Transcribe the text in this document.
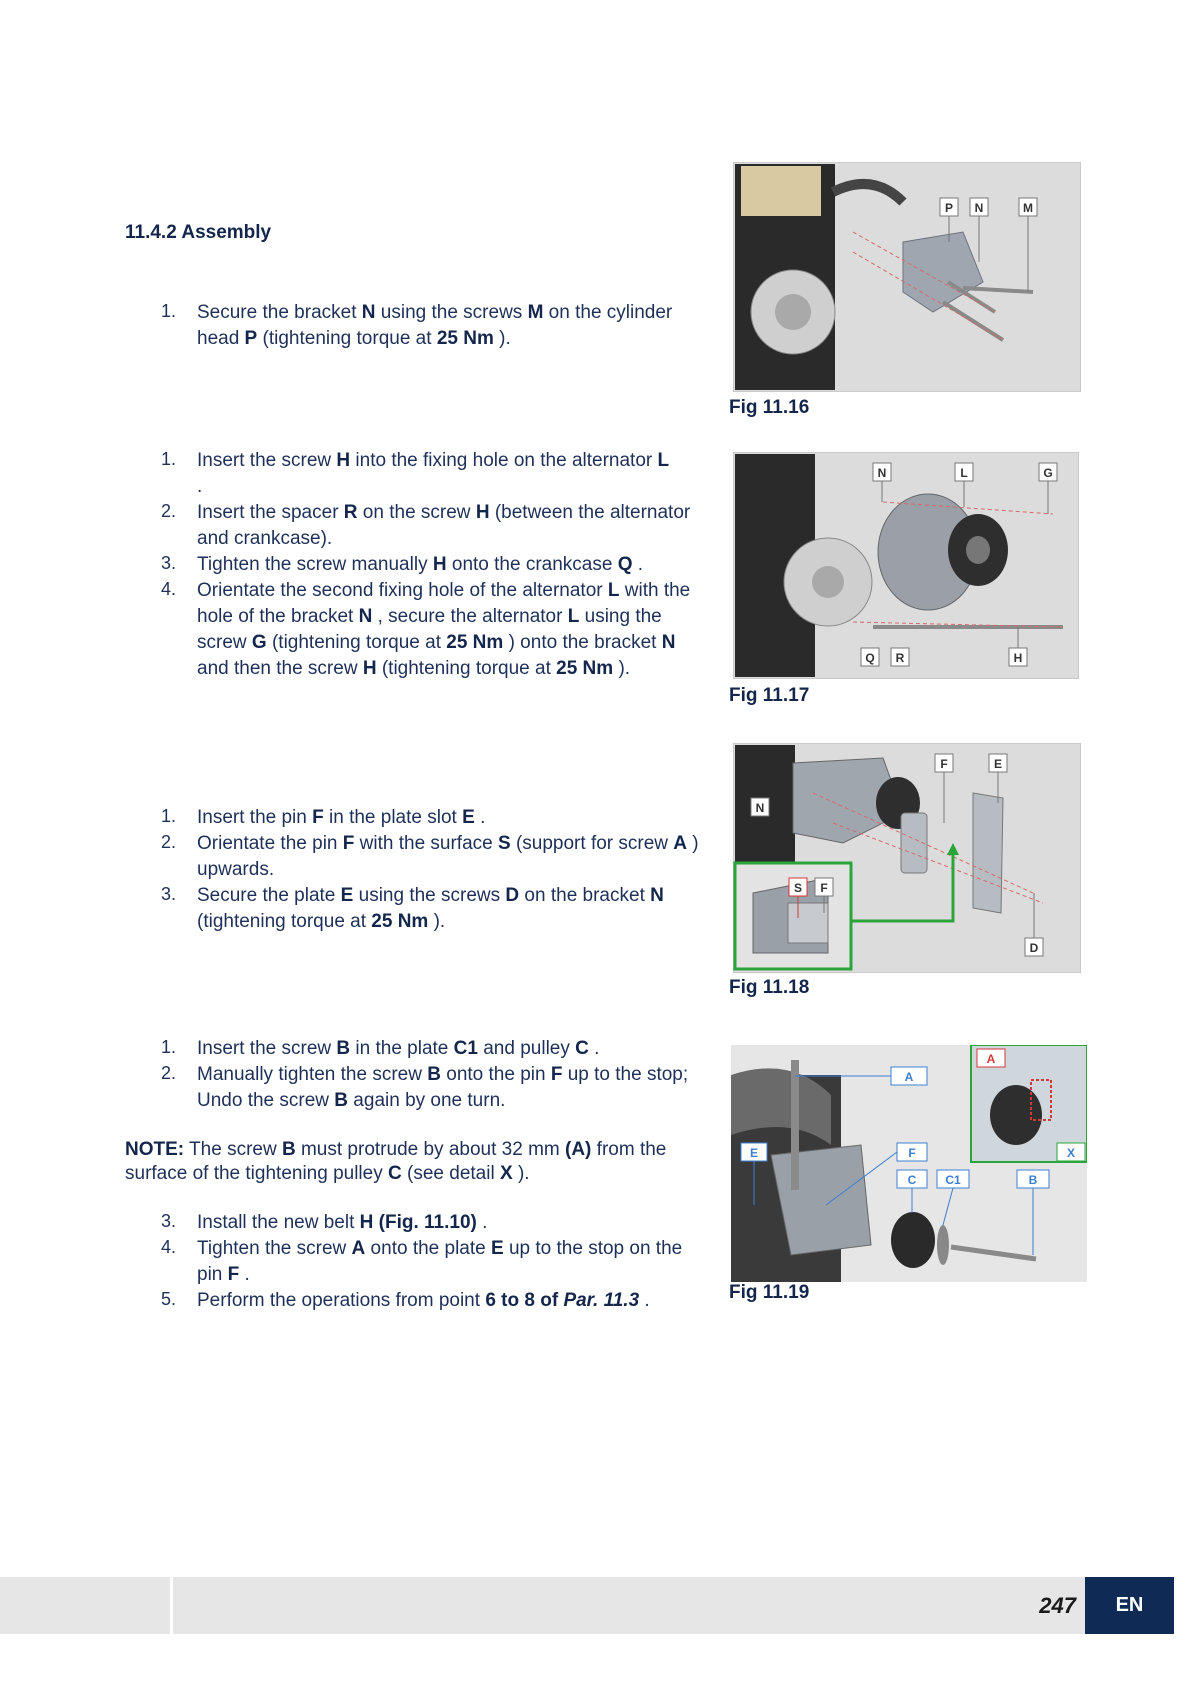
11.4.2 Assembly
1.	Secure the bracket N using the screws M on the cylinder head P (tightening torque at 25 Nm ).
1.	Insert the screw H into the fixing hole on the alternator L
.
2.	Insert the spacer R on the screw H (between the alternator and crankcase).
3.	Tighten the screw manually H onto the crankcase Q .
4.	Orientate the second fixing hole of the alternator L with the hole of the bracket N , secure the alternator L using the screw G (tightening torque at 25 Nm ) onto the bracket N and then the screw H (tightening torque at 25 Nm ).
1.	Insert the pin F in the plate slot E .
2.	Orientate the pin F with the surface S (support for screw A ) upwards.
3.	Secure the plate E using the screws D on the bracket N (tightening torque at 25 Nm ).
1.	Insert the screw B in the plate C1 and pulley C .
2.	Manually tighten the screw B onto the pin F up to the stop; Undo the screw B again by one turn.

NOTE: The screw B must protrude by about 32 mm (A) from the surface of the tightening pulley C (see detail X ).

3.	Install the new belt H (Fig. 11.10) .
4.	Tighten the screw A onto the plate E up to the stop on the pin F .
5.	Perform the operations from point 6 to 8 of Par. 11.3 .
P N	M
Fig 11.16
N	L	G
Q R	H
Fig 11.17
F	E
N
S F
D
Fig 11.18
A
A
E	F	X
C C1	B
Fig 11.19
247	EN
